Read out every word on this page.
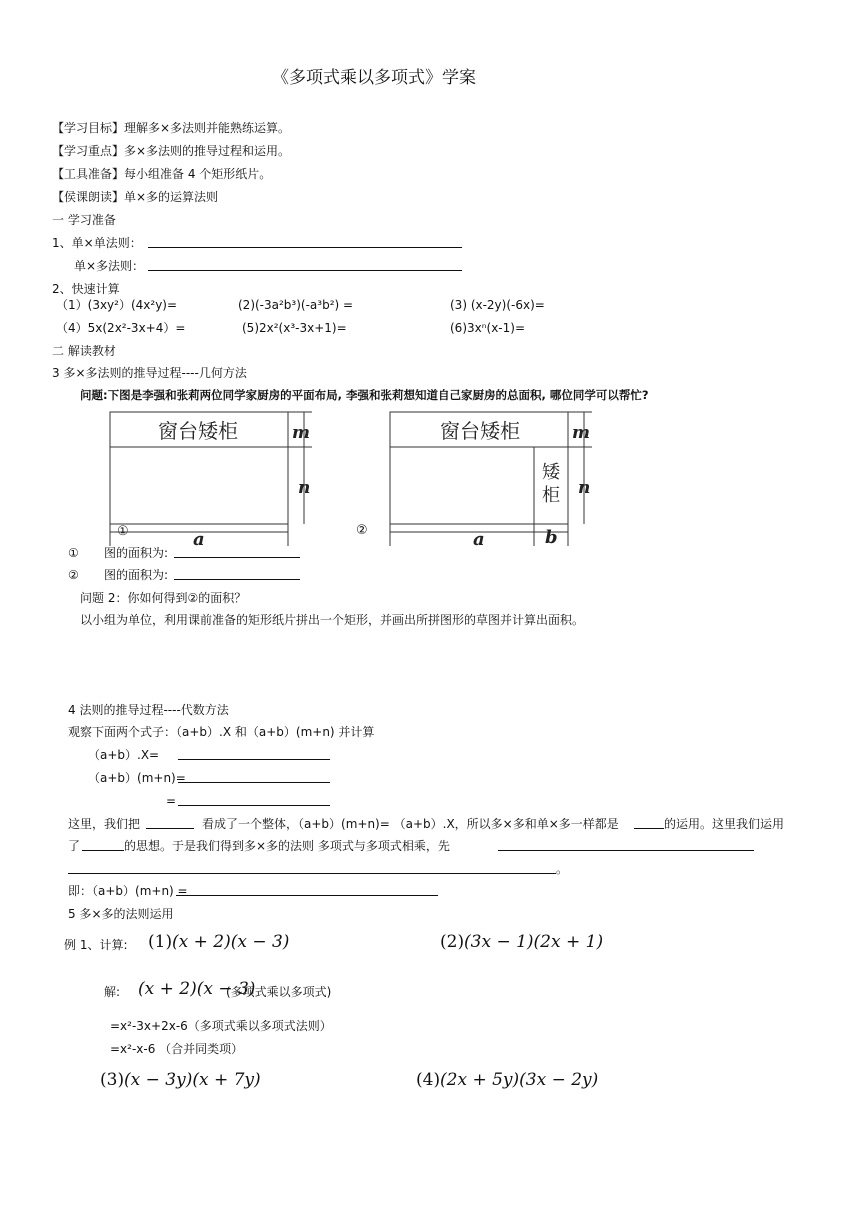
《多项式乘以多项式》学案
【学习目标】理解多×多法则并能熟练运算。
【学习重点】多×多法则的推导过程和运用。
【工具准备】每小组准备 4 个矩形纸片。
【侯课朗读】单×多的运算法则
一 学习准备
1、单×单法则：
单×多法则：
2、快速计算
（1）(3xy²）(4x²y)=	(2)(-3a²b³)(-a³b²) =	(3) (x-2y)(-6x)=
（4）5x(2x²-3x+4）=	(5)2x²(x³-3x+1)=	(6)3xⁿ(x-1)=
二 解读教材
3 多×多法则的推导过程----几何方法
问题:下图是李强和张莉两位同学家厨房的平面布局, 李强和张莉想知道自己家厨房的总面积, 哪位同学可以帮忙?
窗台矮柜	m
n
①	a	②
窗台矮柜
矮
柜
m
n
a	b
① 图的面积为:
② 图的面积为:
问题 2：你如何得到②的面积？
以小组为单位，利用课前准备的矩形纸片拼出一个矩形，并画出所拼图形的草图并计算出面积。
4 法则的推导过程----代数方法
观察下面两个式子：（a+b）.X 和（a+b）(m+n) 并计算
（a+b）.X=
（a+b）(m+n)=
=
这里，我们把	看成了一个整体，（a+b）(m+n)= （a+b）.X，所以多×多和单×多一样都是	的运用。这里我们运用
了	的思想。于是我们得到多×多的法则 多项式与多项式相乘，先
。
即：（a+b）(m+n) =
5 多×多的法则运用
例 1、计算: (1) (x + 2)(x − 3)	(2) (3x − 1)(2x + 1)
解: (x + 2)(x − 3)
(多项式乘以多项式)
=x²-3x+2x-6（多项式乘以多项式法则）
=x²-x-6 （合并同类项）
(3) (x − 3y)(x + 7y)	(4) (2x + 5y)(3x − 2y)
